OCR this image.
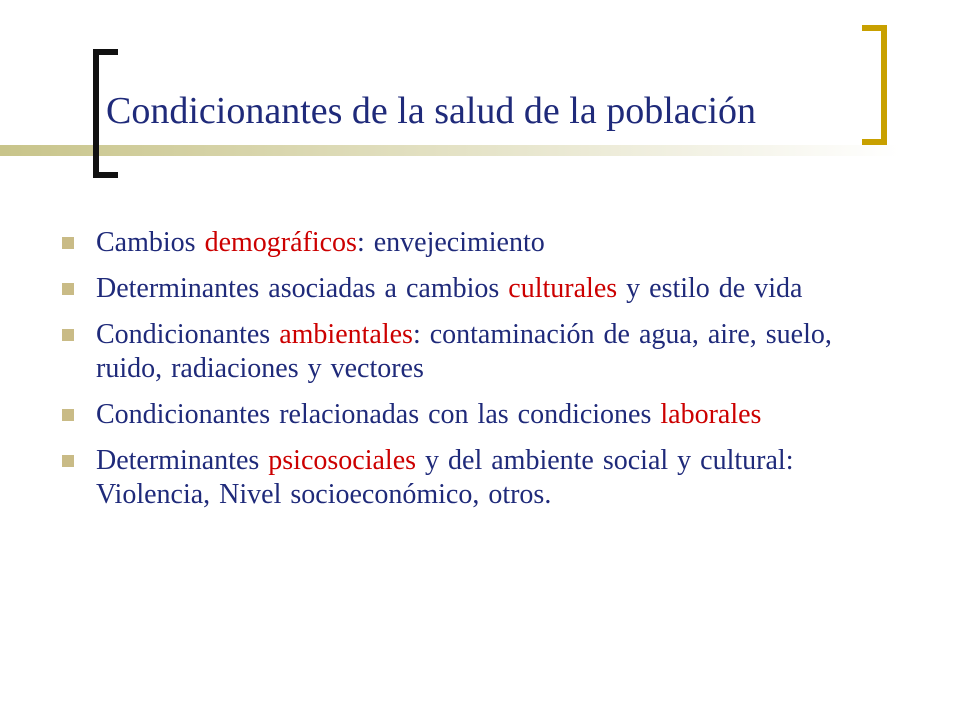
Condicionantes de la salud de la población
Cambios demográficos: envejecimiento
Determinantes asociadas a cambios culturales y estilo de vida
Condicionantes ambientales: contaminación de agua, aire, suelo, ruido, radiaciones y vectores
Condicionantes relacionadas con las condiciones laborales
Determinantes psicosociales y del ambiente social y cultural: Violencia, Nivel socioeconómico, otros.
